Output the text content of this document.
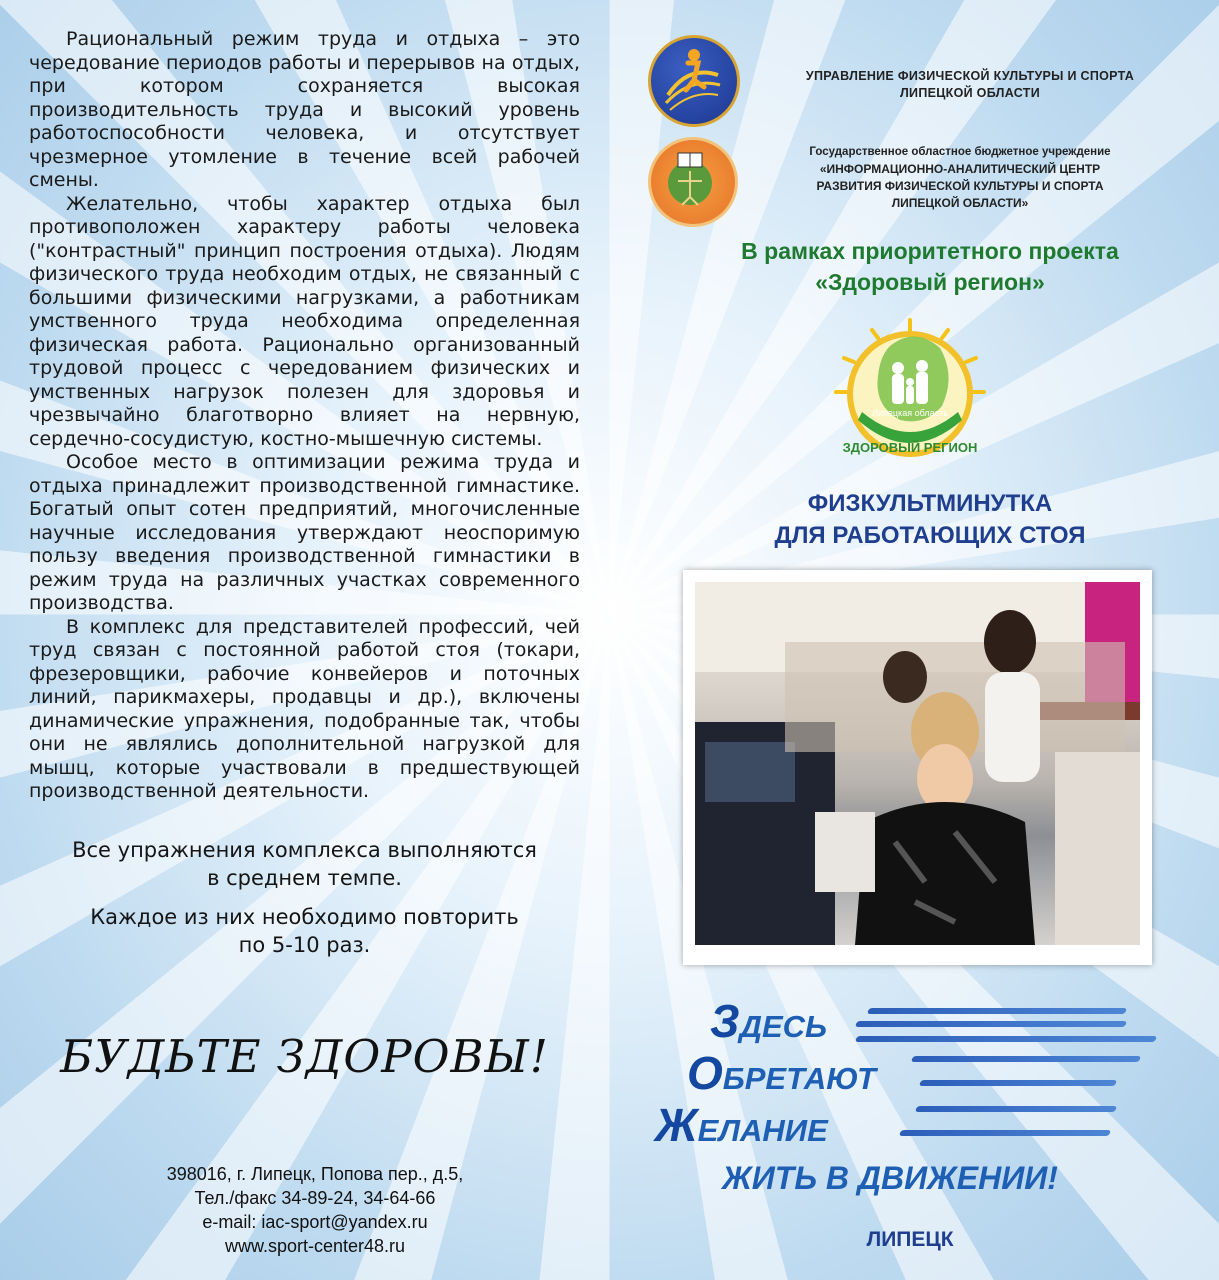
Рациональный режим труда и отдыха – это чередование периодов работы и перерывов на отдых, при котором сохраняется высокая производительность труда и высокий уровень работоспособности человека, и отсутствует чрезмерное утомление в течение всей рабочей смены.

Желательно, чтобы характер отдыха был противоположен характеру работы человека ("контрастный" принцип построения отдыха). Людям физического труда необходим отдых, не связанный с большими физическими нагрузками, а работникам умственного труда необходима определенная физическая работа. Рационально организованный трудовой процесс с чередованием физических и умственных нагрузок полезен для здоровья и чрезвычайно благотворно влияет на нервную, сердечно-сосудистую, костно-мышечную системы.

Особое место в оптимизации режима труда и отдыха принадлежит производственной гимнастике. Богатый опыт сотен предприятий, многочисленные научные исследования утверждают неоспоримую пользу введения производственной гимнастики в режим труда на различных участках современного производства.

В комплекс для представителей профессий, чей труд связан с постоянной работой стоя (токари, фрезеровщики, рабочие конвейеров и поточных линий, парикмахеры, продавцы и др.), включены динамические упражнения, подобранные так, чтобы они не являлись дополнительной нагрузкой для мышц, которые участвовали в предшествующей производственной деятельности.

Все упражнения комплекса выполняются
в среднем темпе.
Каждое из них необходимо повторить
по 5-10 раз.
БУДЬТЕ ЗДОРОВЫ!
398016, г. Липецк, Попова пер., д.5,
Тел./факс 34-89-24, 34-64-66
e-mail: iac-sport@yandex.ru
www.sport-center48.ru
УПРАВЛЕНИЕ ФИЗИЧЕСКОЙ КУЛЬТУРЫ И СПОРТА
ЛИПЕЦКОЙ ОБЛАСТИ
Государственное областное бюджетное учреждение
«ИНФОРМАЦИОННО-АНАЛИТИЧЕСКИЙ ЦЕНТР
РАЗВИТИЯ ФИЗИЧЕСКОЙ КУЛЬТУРЫ И СПОРТА
ЛИПЕЦКОЙ ОБЛАСТИ»
В рамках приоритетного проекта
«Здоровый регион»
Липецкая область
ЗДОРОВЫЙ РЕГИОН
ФИЗКУЛЬТМИНУТКА
ДЛЯ РАБОТАЮЩИХ СТОЯ
ЗДЕСЬ
ОБРЕТАЮТ
ЖЕЛАНИЕ
ЖИТЬ В ДВИЖЕНИИ!
ЛИПЕЦК
